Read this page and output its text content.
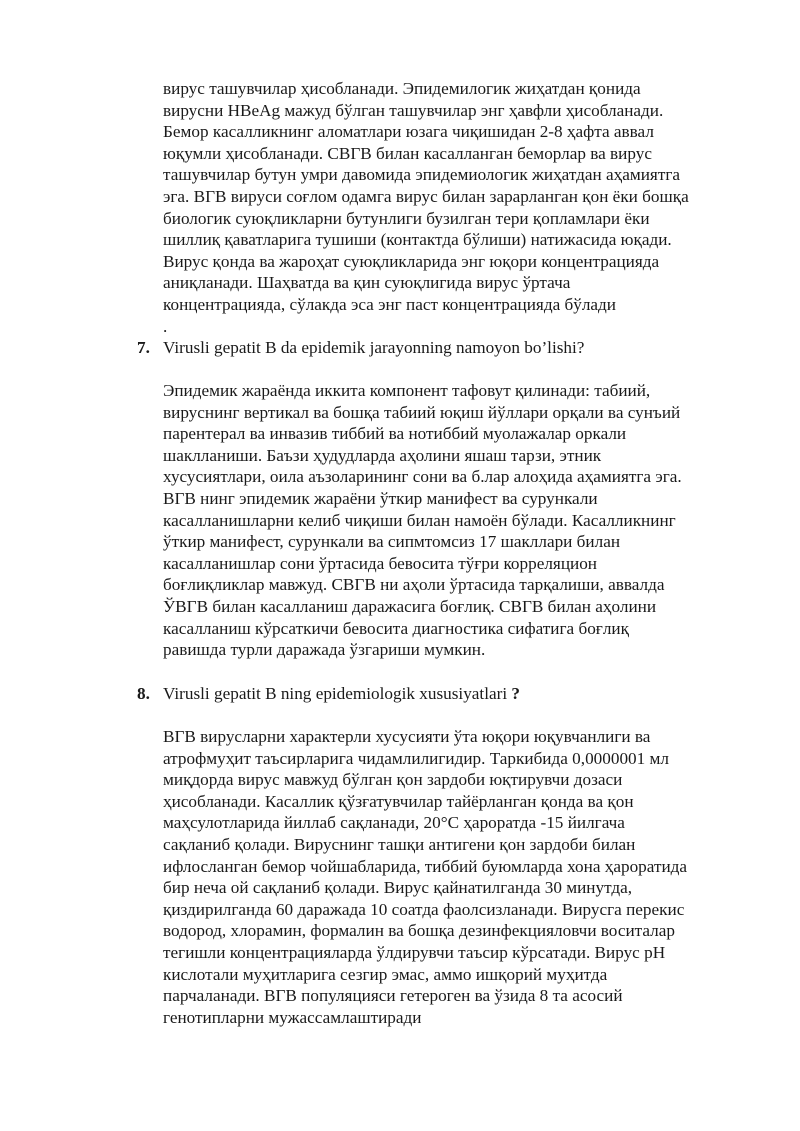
вирус ташувчилар ҳисобланади. Эпидемилогик жиҳатдан қонида
вирусни HBeAg мажуд бўлган ташувчилар энг ҳавфли ҳисобланади.
Бемор касалликнинг аломатлари юзага чиқишидан 2-8 ҳафта аввал
юқумли ҳисобланади. СВГВ билан касалланган беморлар ва вирус
ташувчилар бутун умри давомида эпидемиологик жиҳатдан аҳамиятга
эга. ВГВ вируси соғлом одамга вирус билан зарарланган қон ёки бошқа
биологик суюқликларни бутунлиги бузилган тери қопламлари ёки
шиллиқ қаватларига тушиши (контактда бўлиши) натижасида юқади.
Вирус қонда ва жароҳат суюқликларида энг юқори концентрацияда
аниқланади. Шаҳватда ва қин суюқлигида вирус ўртача
концентрацияда, сўлакда эса энг паст концентрацияда бўлади
.
7. Virusli gepatit B da epidemik jarayonning namoyon bo’lishi?
Эпидемик жараёнда иккита компонент тафовут қилинади: табиий,
вируснинг вертикал ва бошқа табиий юқиш йўллари орқали ва сунъий
парентерал ва инвазив тиббий ва нотиббий муолажалар оркали
шаклланиши. Баъзи ҳудудларда аҳолини яшаш тарзи, этник
хусусиятлари, оила аъзоларининг сони ва б.лар алоҳида аҳамиятга эга.
ВГВ нинг эпидемик жараёни ўткир манифест ва сурункали
касалланишларни келиб чиқиши билан намоён бўлади. Касалликнинг
ўткир манифест, сурункали ва сипмтомсиз 17 шакллари билан
касалланишлар сони ўртасида бевосита тўғри корреляцион
боғлиқликлар мавжуд. СВГВ ни аҳоли ўртасида тарқалиши, аввалда
ЎВГВ билан касалланиш даражасига боғлиқ. СВГВ билан аҳолини
касалланиш кўрсаткичи бевосита диагностика сифатига боғлиқ
равишда турли даражада ўзгариши мумкин.
8. Virusli gepatit B ning epidemiologik xususiyatlari ?
ВГВ вирусларни характерли хусусияти ўта юқори юқувчанлиги ва
атрофмуҳит таъсирларига чидамлилигидир. Таркибида 0,0000001 мл
миқдорда вирус мавжуд бўлган қон зардоби юқтирувчи дозаси
ҳисобланади. Касаллик қўзғатувчилар тайёрланган қонда ва қон
маҳсулотларида йиллаб сақланади, 20°С ҳароратда -15 йилгача
сақланиб қолади. Вируснинг ташқи антигени қон зардоби билан
ифлосланган бемор чойшабларида, тиббий буюмларда хона ҳароратида
бир неча ой сақланиб қолади. Вирус қайнатилганда 30 минутда,
қиздирилганда 60 даражада 10 соатда фаолсизланади. Вирусга перекис
водород, хлорамин, формалин ва бошқа дезинфекцияловчи воситалар
тегишли концентрацияларда ўлдирувчи таъсир кўрсатади. Вирус рН
кислотали муҳитларига сезгир эмас, аммо ишқорий муҳитда
парчаланади. ВГВ популяцияси гетероген ва ўзида 8 та асосий
генотипларни мужассамлаштиради
